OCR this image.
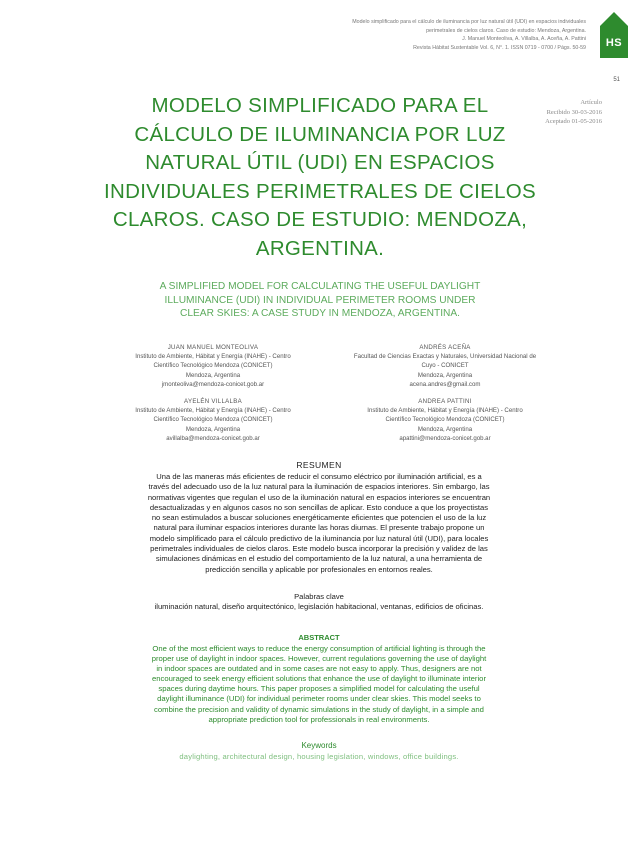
Modelo simplificado para el cálculo de iluminancia por luz natural útil (UDI) en espacios individuales
perimetrales de cielos claros. Caso de estudio: Mendoza, Argentina.
J. Manuel Monteoliva, A. Villalba, A. Aceña, A. Pattini
Revista Hábitat Sustentable Vol. 6, N°. 1. ISSN 0719 - 0700 / Págs. 50-59	HS
51
Artículo
Recibido 30-03-2016
Aceptado 01-05-2016
MODELO SIMPLIFICADO PARA EL
CÁLCULO DE ILUMINANCIA POR LUZ
NATURAL ÚTIL (UDI) EN ESPACIOS
INDIVIDUALES PERIMETRALES DE CIELOS
CLAROS. CASO DE ESTUDIO: MENDOZA,
ARGENTINA.
A SIMPLIFIED MODEL FOR CALCULATING THE USEFUL DAYLIGHT
ILLUMINANCE (UDI) IN INDIVIDUAL PERIMETER ROOMS UNDER
CLEAR SKIES: A CASE STUDY IN MENDOZA, ARGENTINA.
JUAN MANUEL MONTEOLIVA
Instituto de Ambiente, Hábitat y Energía (INAHE) - Centro
Científico Tecnológico Mendoza (CONICET)
Mendoza, Argentina
jmonteoliva@mendoza-conicet.gob.ar
ANDRÉS ACEÑA
Facultad de Ciencias Exactas y Naturales, Universidad Nacional de
Cuyo - CONICET
Mendoza, Argentina
acena.andres@gmail.com
AYELÉN VILLALBA
Instituto de Ambiente, Hábitat y Energía (INAHE) - Centro
Científico Tecnológico Mendoza (CONICET)
Mendoza, Argentina
avillalba@mendoza-conicet.gob.ar
ANDREA PATTINI
Instituto de Ambiente, Hábitat y Energía (INAHE) - Centro
Científico Tecnológico Mendoza (CONICET)
Mendoza, Argentina
apattini@mendoza-conicet.gob.ar
RESUMEN
Una de las maneras más eficientes de reducir el consumo eléctrico por iluminación artificial, es a
través del adecuado uso de la luz natural para la iluminación de espacios interiores. Sin embargo, las
normativas vigentes que regulan el uso de la iluminación natural en espacios interiores se encuentran
desactualizadas y en algunos casos no son sencillas de aplicar. Esto conduce a que los proyectistas
no sean estimulados a buscar soluciones energéticamente eficientes que potencien el uso de la luz
natural para iluminar espacios interiores durante las horas diurnas. El presente trabajo propone un
modelo simplificado para el cálculo predictivo de la iluminancia por luz natural útil (UDI), para locales
perimetrales individuales de cielos claros. Este modelo busca incorporar la precisión y validez de las
simulaciones dinámicas en el estudio del comportamiento de la luz natural, a una herramienta de
predicción sencilla y aplicable por profesionales en entornos reales.
Palabras clave
iluminación natural, diseño arquitectónico, legislación habitacional, ventanas, edificios de oficinas.
ABSTRACT
One of the most efficient ways to reduce the energy consumption of artificial lighting is through the
proper use of daylight in indoor spaces. However, current regulations governing the use of daylight
in indoor spaces are outdated and in some cases are not easy to apply. Thus, designers are not
encouraged to seek energy efficient solutions that enhance the use of daylight to illuminate interior
spaces during daytime hours. This paper proposes a simplified model for calculating the useful
daylight illuminance (UDI) for individual perimeter rooms under clear skies. This model seeks to
combine the precision and validity of dynamic simulations in the study of daylight, in a simple and
appropriate prediction tool for professionals in real environments.
Keywords
daylighting, architectural design, housing legislation, windows, office buildings.
